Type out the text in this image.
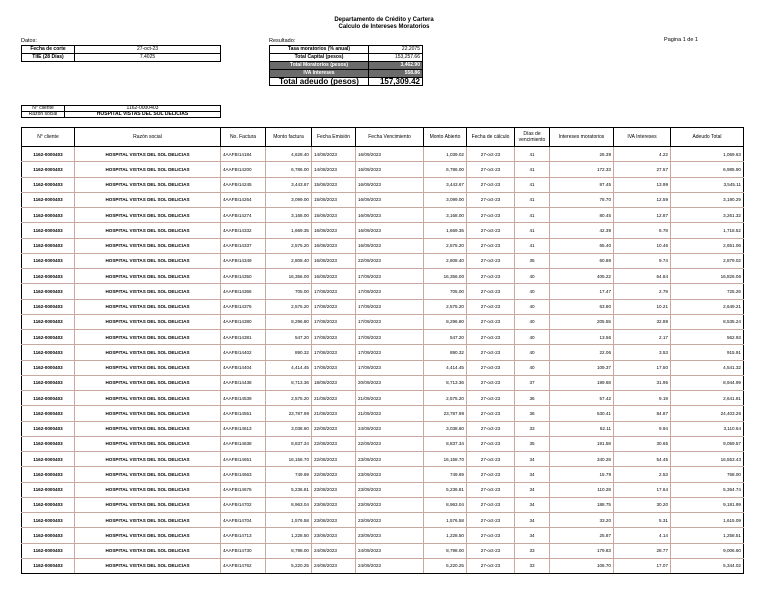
Departamento de Crédito y Cartera
Calculo de Intereses Moratorios
Pagina 1 de 1
Datos:
Fecha de corte	27-oct-23
TIIE (28 Días)	7.4025
Resultado:
Tasa moratorios (% anual)	22.2075
Total Capital (pesos)	153,257.66
Total Moratorios (pesos)	3,462.90
IVA Intereses	558.86
Total adeudo (pesos)	157,309.42
N° cliente	1162-0000403
Razón social	HOSPITAL VISTAS DEL SOL DELICIAS
N° cliente	Razón social	No. Factura	Monto factura	Fecha Emisión	Fecha Vencimiento	Monto Abierto	Fecha de cálculo	Días de vencimiento	Intereses moratorios	IVA Intereses	Adeudo Total
1162-0000403	HOSPITAL VISTAS DEL SOL DELICIAS	4AAFBI14184	4,628.40	14/08/2023	16/09/2023	1,039.02	27-oct-23	41	26.39	4.22	1,069.63
1162-0000403	HOSPITAL VISTAS DEL SOL DELICIAS	4AAFBI14200	6,786.00	14/08/2023	16/09/2023	6,786.00	27-oct-23	41	172.33	27.57	6,985.90
1162-0000403	HOSPITAL VISTAS DEL SOL DELICIAS	4AAFBI14245	3,443.67	15/08/2023	16/09/2023	3,443.67	27-oct-23	41	87.45	13.99	3,545.11
1162-0000403	HOSPITAL VISTAS DEL SOL DELICIAS	4AAFBI14264	3,099.00	15/08/2023	16/09/2023	3,099.00	27-oct-23	41	78.70	12.59	3,190.29
1162-0000403	HOSPITAL VISTAS DEL SOL DELICIAS	4AAFBI14274	3,168.00	15/08/2023	16/09/2023	3,168.00	27-oct-23	41	80.45	12.87	3,261.32
1162-0000403	HOSPITAL VISTAS DEL SOL DELICIAS	4AAFBI14332	1,669.35	16/08/2023	16/09/2023	1,669.35	27-oct-23	41	42.39	6.78	1,718.52
1162-0000403	HOSPITAL VISTAS DEL SOL DELICIAS	4AAFBI14337	2,575.20	16/08/2023	16/09/2023	2,575.20	27-oct-23	41	65.40	10.46	2,651.06
1162-0000403	HOSPITAL VISTAS DEL SOL DELICIAS	4AAFBI14349	2,808.40	16/08/2023	22/09/2023	2,808.40	27-oct-23	35	60.88	9.74	2,879.02
1162-0000403	HOSPITAL VISTAS DEL SOL DELICIAS	4AAFBI14350	16,356.00	16/08/2023	17/09/2023	16,356.00	27-oct-23	40	405.22	64.84	16,826.06
1162-0000403	HOSPITAL VISTAS DEL SOL DELICIAS	4AAFBI14366	705.00	17/08/2023	17/09/2023	705.00	27-oct-23	40	17.47	2.79	725.26
1162-0000403	HOSPITAL VISTAS DEL SOL DELICIAS	4AAFBI14376	2,575.20	17/08/2023	17/09/2023	2,575.20	27-oct-23	40	63.80	10.21	2,649.21
1162-0000403	HOSPITAL VISTAS DEL SOL DELICIAS	4AAFBI14380	8,296.80	17/08/2023	17/09/2023	8,296.80	27-oct-23	40	205.55	32.89	8,535.24
1162-0000403	HOSPITAL VISTAS DEL SOL DELICIAS	4AAFBI14381	547.20	17/08/2023	17/09/2023	547.20	27-oct-23	40	13.56	2.17	562.93
1162-0000403	HOSPITAL VISTAS DEL SOL DELICIAS	4AAFBI14402	890.32	17/08/2023	17/09/2023	890.32	27-oct-23	40	22.06	3.53	915.91
1162-0000403	HOSPITAL VISTAS DEL SOL DELICIAS	4AAFBI14404	4,414.45	17/08/2023	17/09/2023	4,414.45	27-oct-23	40	109.37	17.50	4,541.32
1162-0000403	HOSPITAL VISTAS DEL SOL DELICIAS	4AAFBI14438	8,713.36	18/08/2023	20/09/2023	8,713.36	27-oct-23	37	199.68	31.95	8,944.99
1162-0000403	HOSPITAL VISTAS DEL SOL DELICIAS	4AAFBI14539	2,575.20	21/08/2023	21/09/2023	2,575.20	27-oct-23	36	57.42	9.19	2,641.81
1162-0000403	HOSPITAL VISTAS DEL SOL DELICIAS	4AAFBI14551	23,787.98	21/08/2023	21/09/2023	23,787.98	27-oct-23	36	530.41	84.87	24,403.26
1162-0000403	HOSPITAL VISTAS DEL SOL DELICIAS	4AAFBI14613	3,038.60	22/08/2023	24/09/2023	3,038.60	27-oct-23	33	62.11	9.94	3,110.64
1162-0000403	HOSPITAL VISTAS DEL SOL DELICIAS	4AAFBI14638	8,837.34	22/08/2023	22/09/2023	8,837.34	27-oct-23	35	191.58	30.65	9,059.57
1162-0000403	HOSPITAL VISTAS DEL SOL DELICIAS	4AAFBI14651	16,158.70	22/08/2023	23/09/2023	16,158.70	27-oct-23	34	340.28	54.45	16,553.43
1162-0000403	HOSPITAL VISTAS DEL SOL DELICIAS	4AAFBI14663	749.69	22/08/2023	23/09/2023	749.69	27-oct-23	34	15.79	2.53	768.00
1162-0000403	HOSPITAL VISTAS DEL SOL DELICIAS	4AAFBI14676	5,236.81	23/08/2023	23/09/2023	5,236.81	27-oct-23	34	110.28	17.64	5,364.74
1162-0000403	HOSPITAL VISTAS DEL SOL DELICIAS	4AAFBI14702	8,963.04	23/08/2023	23/09/2023	8,963.04	27-oct-23	34	188.75	30.20	9,181.99
1162-0000403	HOSPITAL VISTAS DEL SOL DELICIAS	4AAFBI14704	1,576.58	23/08/2023	23/09/2023	1,576.58	27-oct-23	34	33.20	5.31	1,615.09
1162-0000403	HOSPITAL VISTAS DEL SOL DELICIAS	4AAFBI14713	1,228.50	23/08/2023	23/09/2023	1,228.50	27-oct-23	34	25.87	4.14	1,258.51
1162-0000403	HOSPITAL VISTAS DEL SOL DELICIAS	4AAFBI14730	8,798.00	24/08/2023	24/09/2023	8,798.00	27-oct-23	33	179.83	28.77	9,006.60
1162-0000403	HOSPITAL VISTAS DEL SOL DELICIAS	4AAFBI14762	5,220.25	24/08/2023	24/09/2023	5,220.25	27-oct-23	33	106.70	17.07	5,344.02
